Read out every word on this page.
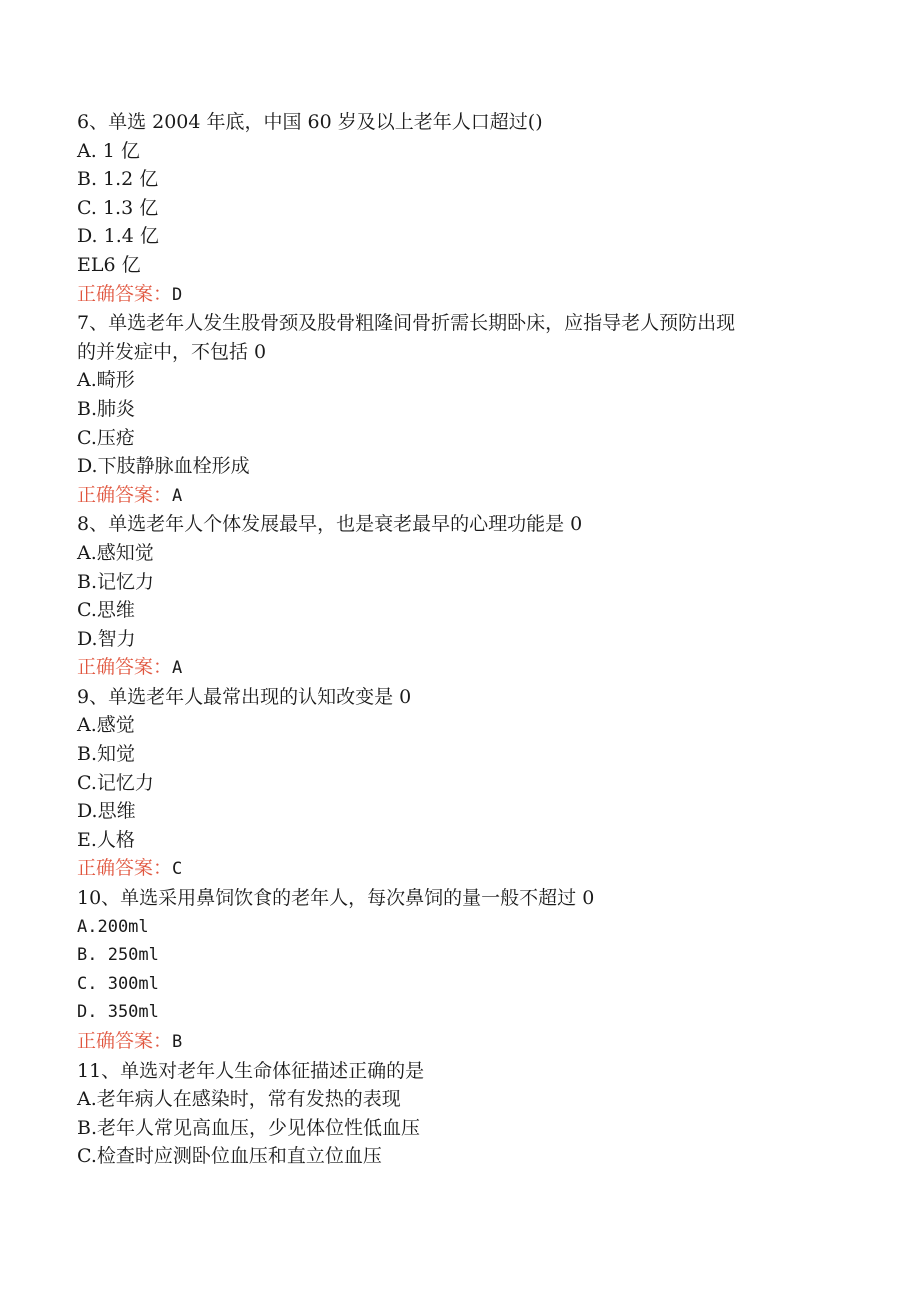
6、单选 2004 年底，中国 60 岁及以上老年人口超过()

A. 1 亿
B. 1.2 亿
C. 1.3 亿
D. 1.4 亿
EL6 亿
正确答案：D

7、单选老年人发生股骨颈及股骨粗隆间骨折需长期卧床，应指导老人预防出现
的并发症中，不包括 0

A.畸形
B.肺炎
C.压疮
D.下肢静脉血栓形成
正确答案：A

8、单选老年人个体发展最早，也是衰老最早的心理功能是 0

A.感知觉
B.记忆力
C.思维
D.智力
正确答案：A

9、单选老年人最常出现的认知改变是 0

A.感觉
B.知觉
C.记忆力
D.思维
E.人格
正确答案：C

10、单选采用鼻饲饮食的老年人，每次鼻饲的量一般不超过 0

A.200ml
B. 250ml
C. 300ml
D. 350ml
正确答案：B

11、单选对老年人生命体征描述正确的是

A.老年病人在感染时，常有发热的表现
B.老年人常见高血压，少见体位性低血压
C.检查时应测卧位血压和直立位血压
